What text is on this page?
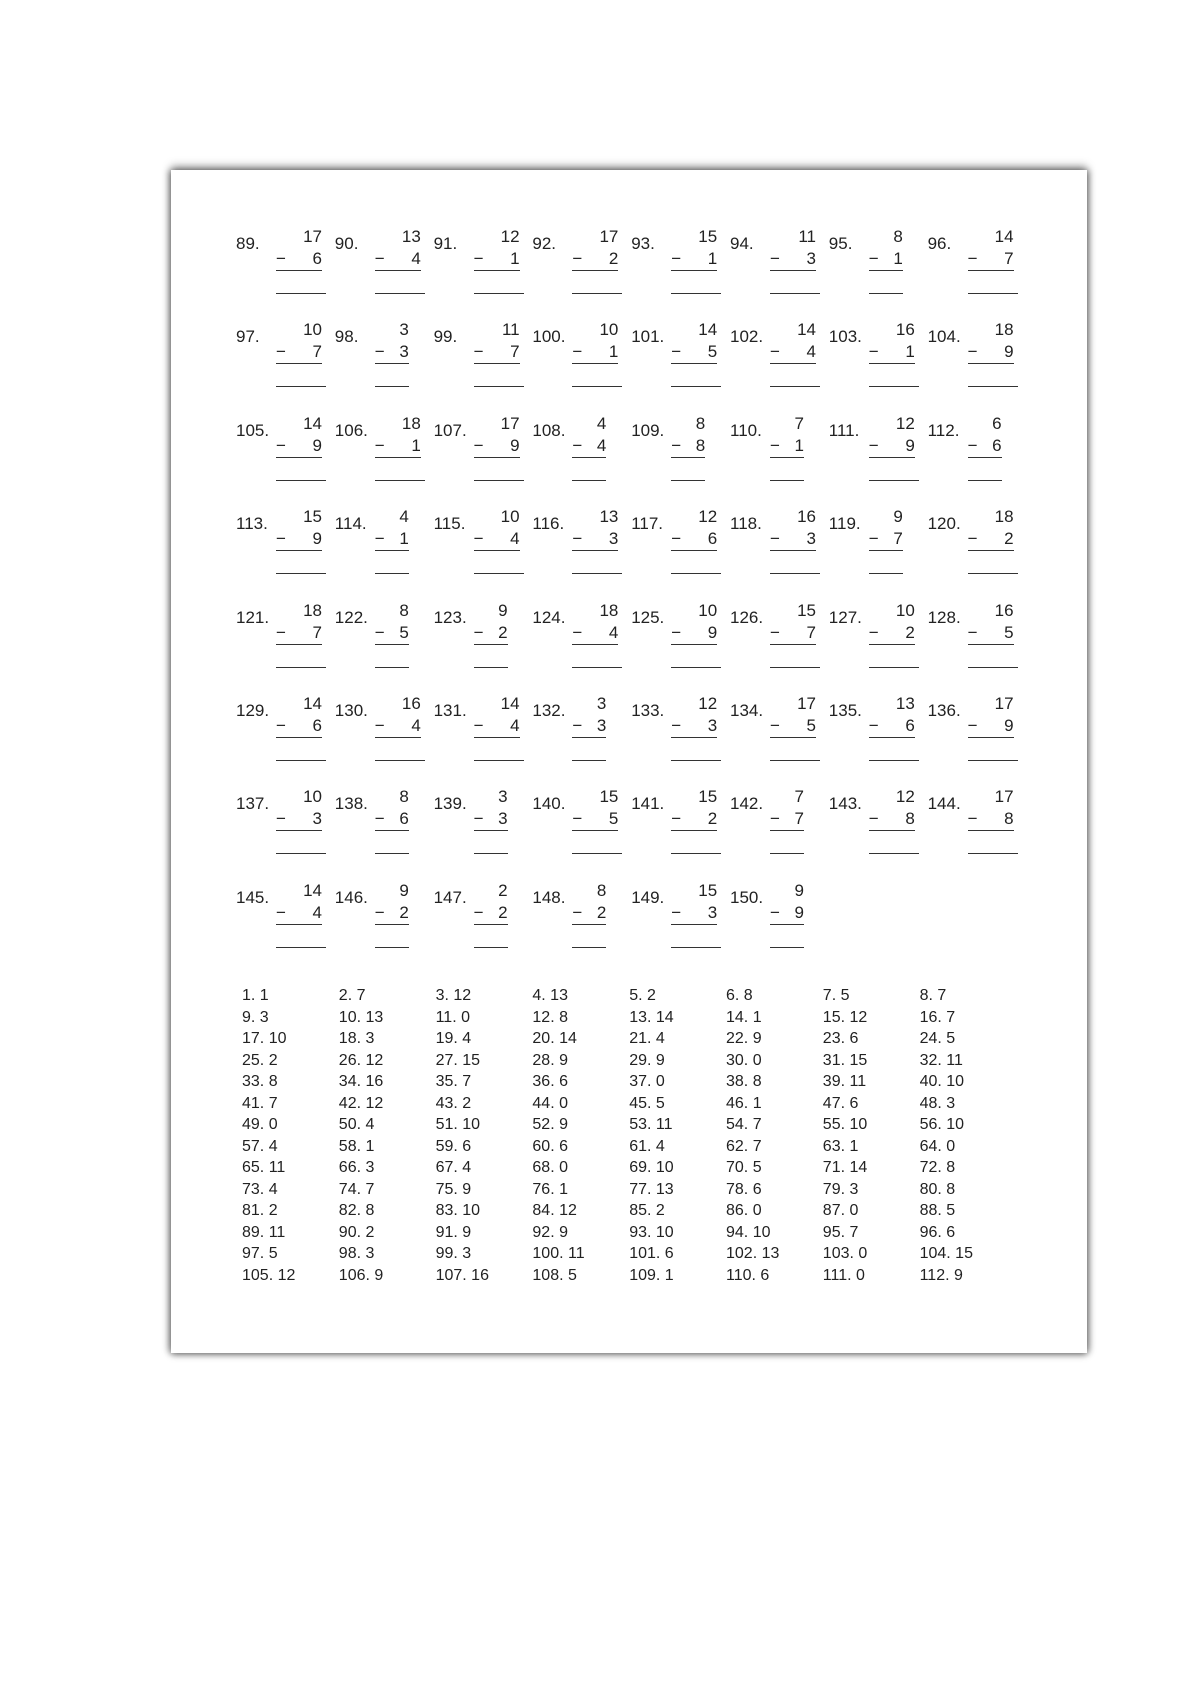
89.	17
− 6
90.	13
− 4
91.	12
− 1
92.	17
− 2
93.	15
− 1
94.	11
− 3
95.	8
− 1
96.	14
− 7
97.	10
− 7
98.	3
− 3
99.	11
− 7
100.	10
− 1
101.	14
− 5
102.	14
− 4
103.	16
− 1
104.	18
− 9
105.	14
− 9
106.	18
− 1
107.	17
− 9
108.	4
− 4
109.	8
− 8
110.	7
− 1
111.	12
− 9
112.	6
− 6
113.	15
− 9
114.	4
− 1
115.	10
− 4
116.	13
− 3
117.	12
− 6
118.	16
− 3
119.	9
− 7
120.	18
− 2
121.	18
− 7
122.	8
− 5
123.	9
− 2
124.	18
− 4
125.	10
− 9
126.	15
− 7
127.	10
− 2
128.	16
− 5
129.	14
− 6
130.	16
− 4
131.	14
− 4
132.	3
− 3
133.	12
− 3
134.	17
− 5
135.	13
− 6
136.	17
− 9
137.	10
− 3
138.	8
− 6
139.	3
− 3
140.	15
− 5
141.	15
− 2
142.	7
− 7
143.	12
− 8
144.	17
− 8
145.	14
− 4
146.	9
− 2
147.	2
− 2
148.	8
− 2
149.	15
− 3
150.	9
− 9
1. 1	2. 7	3. 12	4. 13	5. 2	6. 8	7. 5	8. 7
9. 3	10. 13	11. 0	12. 8	13. 14	14. 1	15. 12	16. 7
17. 10	18. 3	19. 4	20. 14	21. 4	22. 9	23. 6	24. 5
25. 2	26. 12	27. 15	28. 9	29. 9	30. 0	31. 15	32. 11
33. 8	34. 16	35. 7	36. 6	37. 0	38. 8	39. 11	40. 10
41. 7	42. 12	43. 2	44. 0	45. 5	46. 1	47. 6	48. 3
49. 0	50. 4	51. 10	52. 9	53. 11	54. 7	55. 10	56. 10
57. 4	58. 1	59. 6	60. 6	61. 4	62. 7	63. 1	64. 0
65. 11	66. 3	67. 4	68. 0	69. 10	70. 5	71. 14	72. 8
73. 4	74. 7	75. 9	76. 1	77. 13	78. 6	79. 3	80. 8
81. 2	82. 8	83. 10	84. 12	85. 2	86. 0	87. 0	88. 5
89. 11	90. 2	91. 9	92. 9	93. 10	94. 10	95. 7	96. 6
97. 5	98. 3	99. 3	100. 11	101. 6	102. 13	103. 0	104. 15
105. 12	106. 9	107. 16	108. 5	109. 1	110. 6	111. 0	112. 9
